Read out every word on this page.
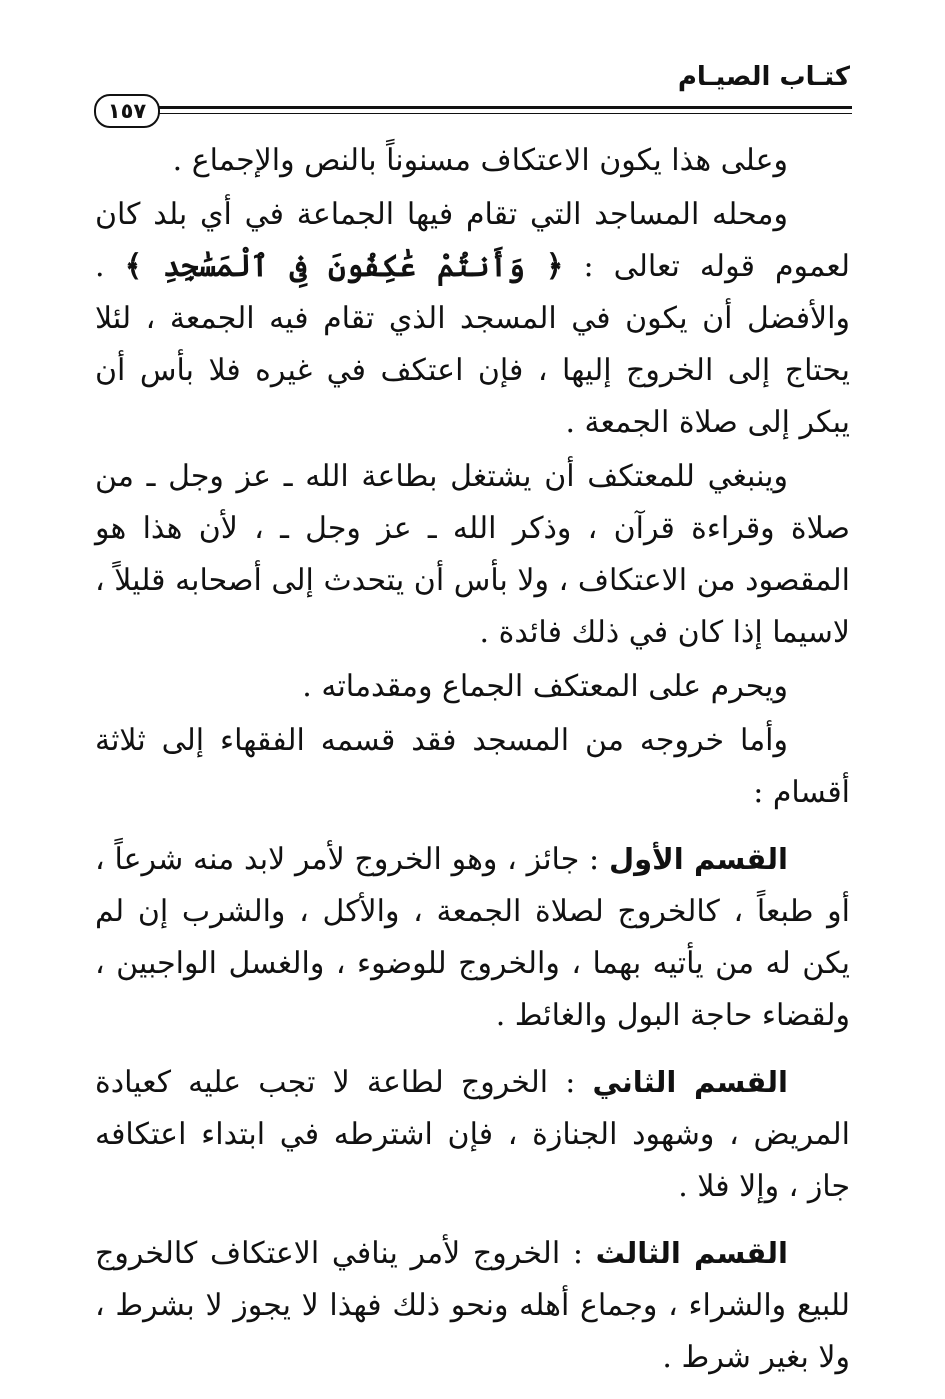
كتـاب الصيـام
١٥٧

وعلى هذا يكون الاعتكاف مسنوناً بالنص والإجماع .

ومحله المساجد التي تقام فيها الجماعة في أي بلد كان لعموم قوله تعالى : ﴿ وَأَنتُمْ عَٰكِفُونَ فِى ٱلْمَسَٰجِدِ ﴾ . والأفضل أن يكون في المسجد الذي تقام فيه الجمعة ، لئلا يحتاج إلى الخروج إليها ، فإن اعتكف في غيره فلا بأس أن يبكر إلى صلاة الجمعة .

وينبغي للمعتكف أن يشتغل بطاعة الله ـ عز وجل ـ من صلاة وقراءة قرآن ، وذكر الله ـ عز وجل ـ ، لأن هذا هو المقصود من الاعتكاف ، ولا بأس أن يتحدث إلى أصحابه قليلاً ، لاسيما إذا كان في ذلك فائدة .

ويحرم على المعتكف الجماع ومقدماته .

وأما خروجه من المسجد فقد قسمه الفقهاء إلى ثلاثة أقسام :

القسم الأول : جائز ، وهو الخروج لأمر لابد منه شرعاً ، أو طبعاً ، كالخروج لصلاة الجمعة ، والأكل ، والشرب إن لم يكن له من يأتيه بهما ، والخروج للوضوء ، والغسل الواجبين ، ولقضاء حاجة البول والغائط .

القسم الثاني : الخروج لطاعة لا تجب عليه كعيادة المريض ، وشهود الجنازة ، فإن اشترطه في ابتداء اعتكافه جاز ، وإلا فلا .

القسم الثالث : الخروج لأمر ينافي الاعتكاف كالخروج للبيع والشراء ، وجماع أهله ونحو ذلك فهذا لا يجوز لا بشرط ، ولا بغير شرط .
